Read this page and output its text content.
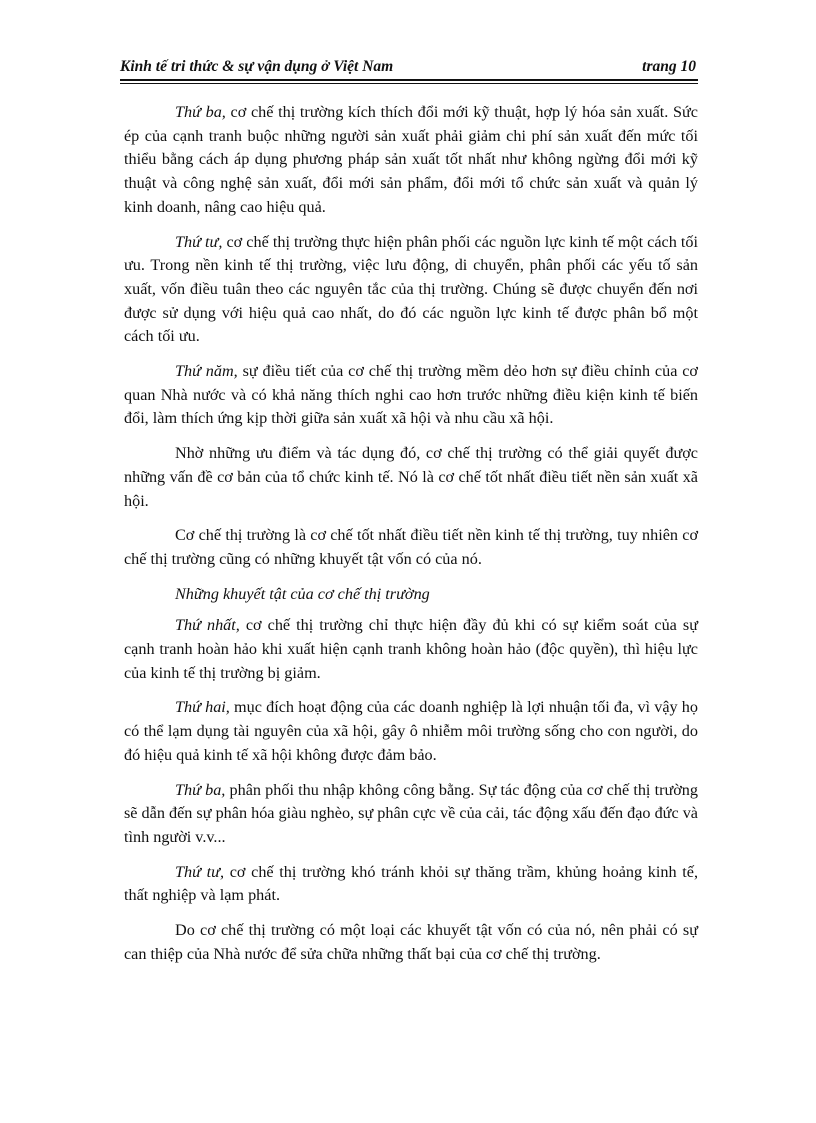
Kinh tế tri thức & sự vận dụng ở Việt Nam	trang 10

Thứ ba, cơ chế thị trường kích thích đổi mới kỹ thuật, hợp lý hóa sản xuất. Sức ép của cạnh tranh buộc những người sản xuất phải giảm chi phí sản xuất đến mức tối thiểu bằng cách áp dụng phương pháp sản xuất tốt nhất như không ngừng đổi mới kỹ thuật và công nghệ sản xuất, đổi mới sản phẩm, đổi mới tổ chức sản xuất và quản lý kinh doanh, nâng cao hiệu quả.

Thứ tư, cơ chế thị trường thực hiện phân phối các nguồn lực kinh tế một cách tối ưu. Trong nền kinh tế thị trường, việc lưu động, di chuyển, phân phối các yếu tố sản xuất, vốn điều tuân theo các nguyên tắc của thị trường. Chúng sẽ được chuyển đến nơi được sử dụng với hiệu quả cao nhất, do đó các nguồn lực kinh tế được phân bổ một cách tối ưu.

Thứ năm, sự điều tiết của cơ chế thị trường mềm dẻo hơn sự điều chỉnh của cơ quan Nhà nước và có khả năng thích nghi cao hơn trước những điều kiện kinh tế biến đổi, làm thích ứng kịp thời giữa sản xuất xã hội và nhu cầu xã hội.

Nhờ những ưu điểm và tác dụng đó, cơ chế thị trường có thể giải quyết được những vấn đề cơ bản của tổ chức kinh tế. Nó là cơ chế tốt nhất điều tiết nền sản xuất xã hội.

Cơ chế thị trường là cơ chế tốt nhất điều tiết nền kinh tế thị trường, tuy nhiên cơ chế thị trường cũng có những khuyết tật vốn có của nó.

Những khuyết tật của cơ chế thị trường

Thứ nhất, cơ chế thị trường chỉ thực hiện đầy đủ khi có sự kiểm soát của sự cạnh tranh hoàn hảo khi xuất hiện cạnh tranh không hoàn hảo (độc quyền), thì hiệu lực của kinh tế thị trường bị giảm.

Thứ hai, mục đích hoạt động của các doanh nghiệp là lợi nhuận tối đa, vì vậy họ có thể lạm dụng tài nguyên của xã hội, gây ô nhiễm môi trường sống cho con người, do đó hiệu quả kinh tế xã hội không được đảm bảo.

Thứ ba, phân phối thu nhập không công bằng. Sự tác động của cơ chế thị trường sẽ dẫn đến sự phân hóa giàu nghèo, sự phân cực về của cải, tác động xấu đến đạo đức và tình người v.v...

Thứ tư, cơ chế thị trường khó tránh khỏi sự thăng trầm, khủng hoảng kinh tế, thất nghiệp và lạm phát.

Do cơ chế thị trường có một loại các khuyết tật vốn có của nó, nên phải có sự can thiệp của Nhà nước để sửa chữa những thất bại của cơ chế thị trường.
